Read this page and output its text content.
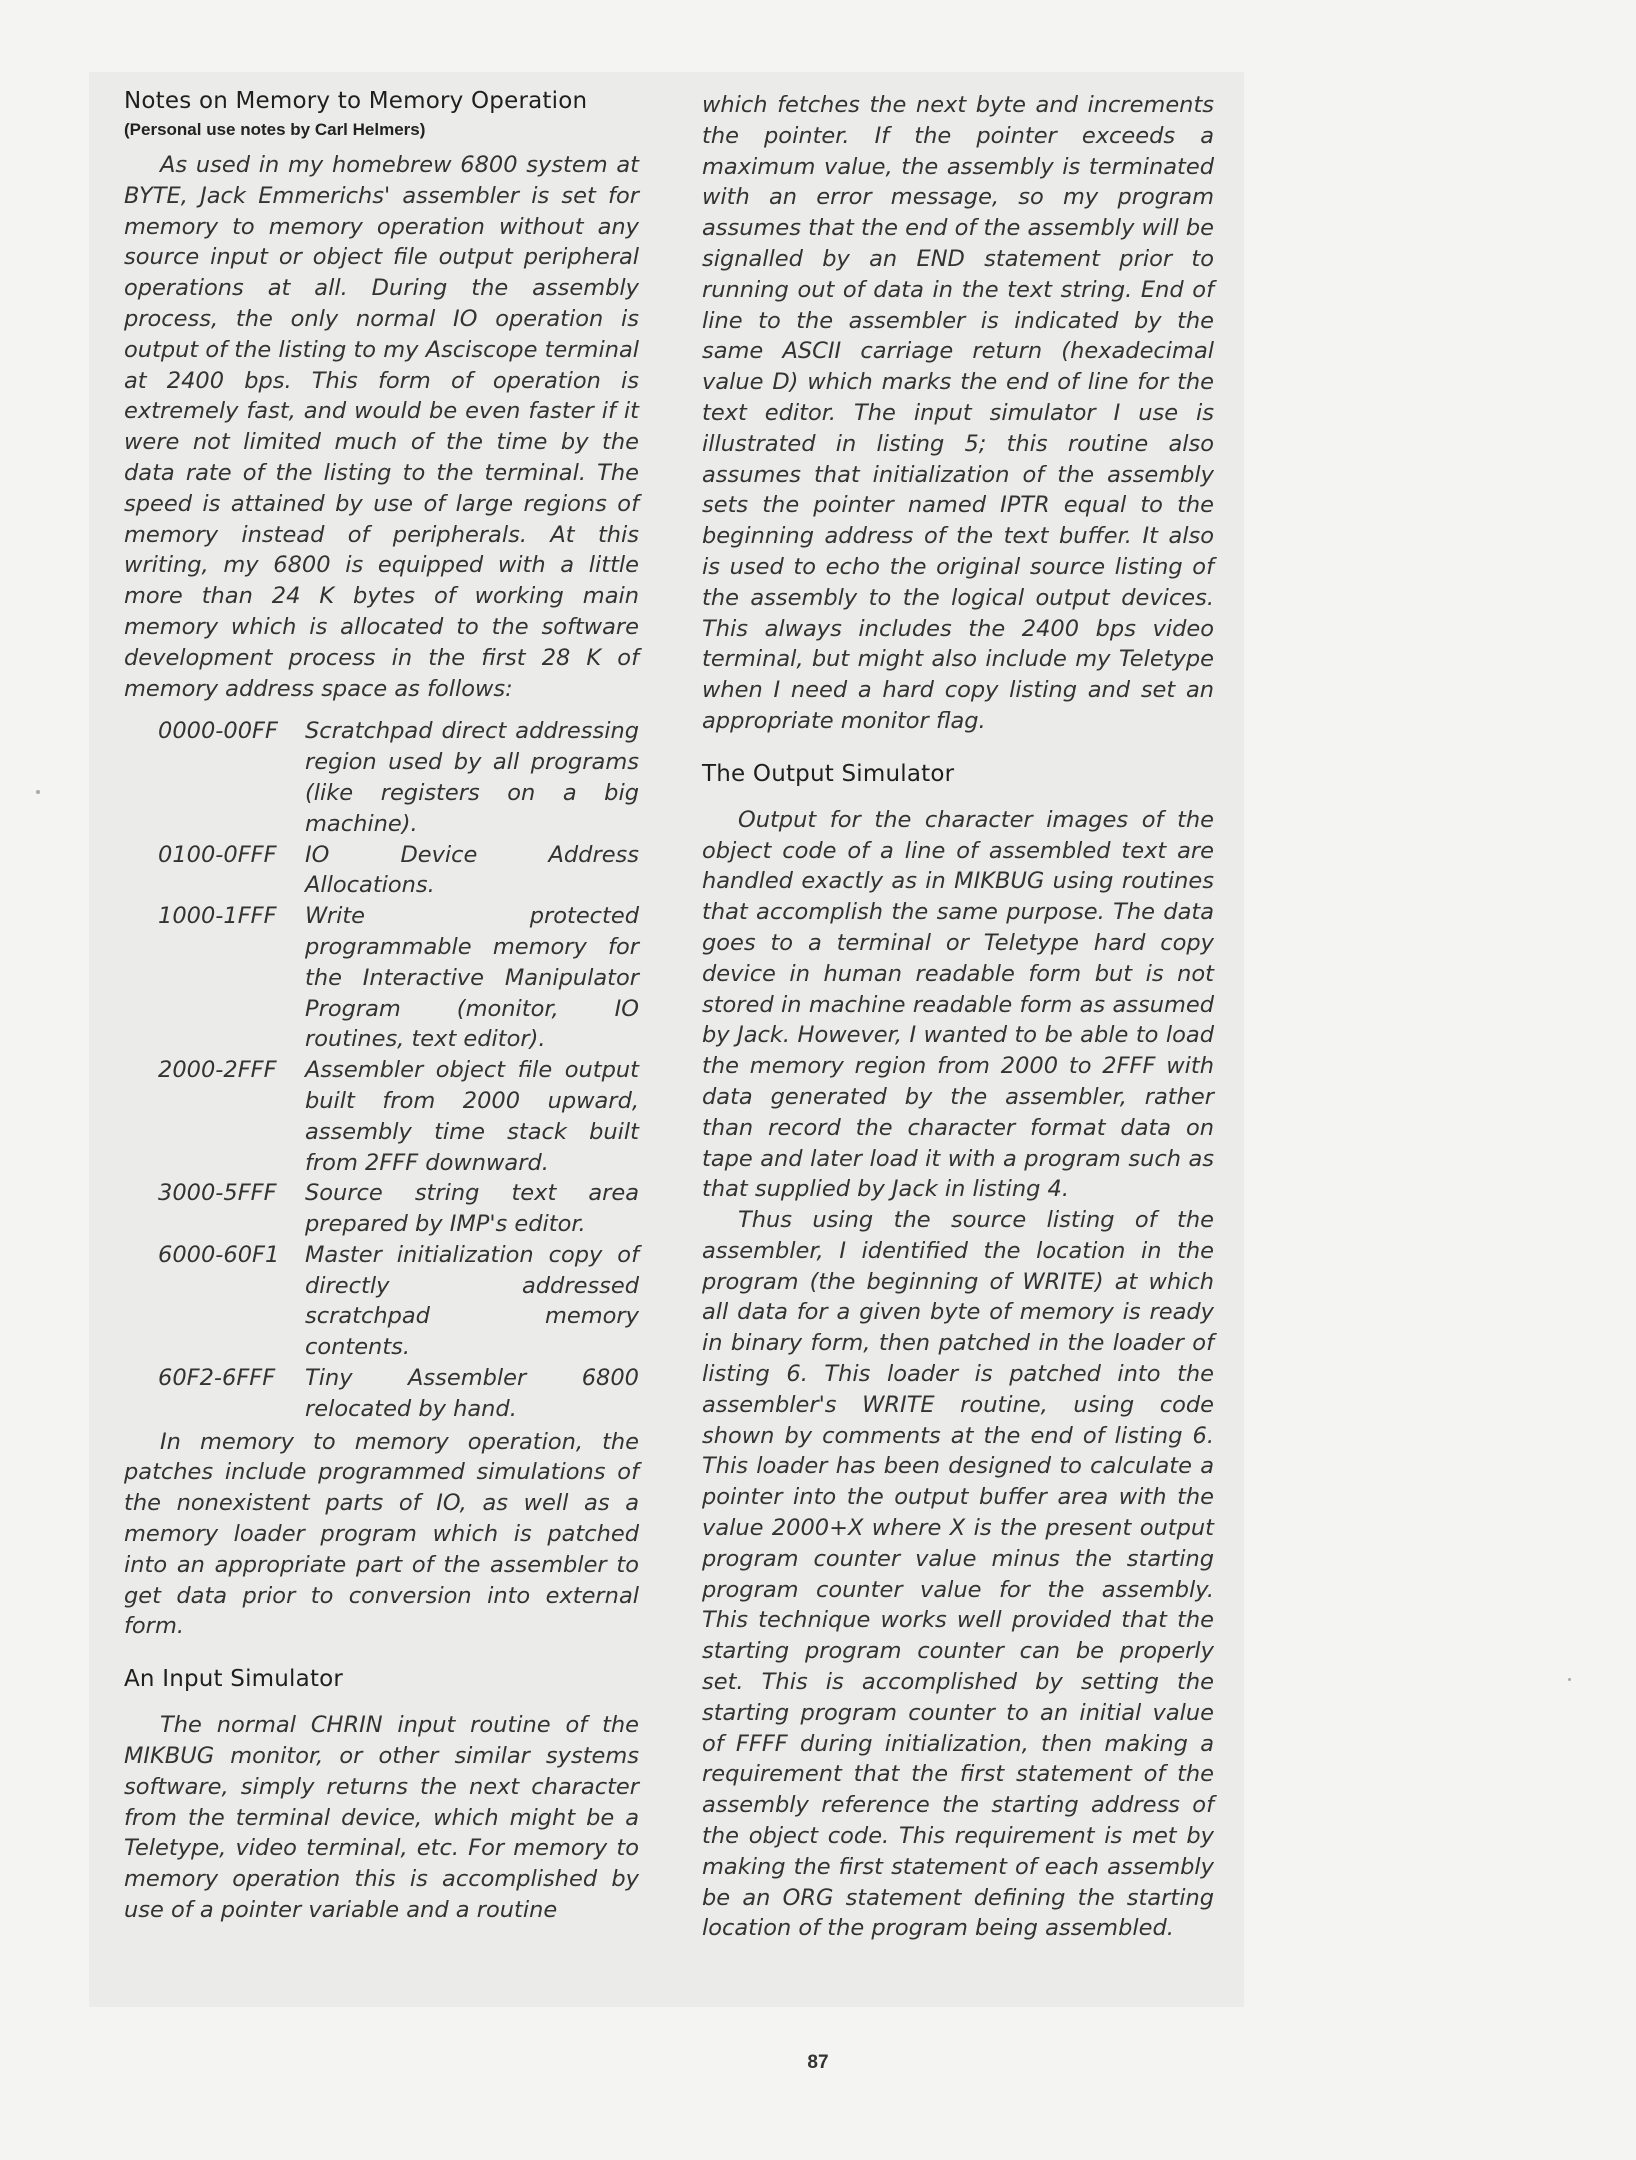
Notes on Memory to Memory Operation
(Personal use notes by Carl Helmers)

As used in my homebrew 6800 system at BYTE, Jack Emmerichs' assembler is set for memory to memory operation without any source input or object file output peripheral operations at all. During the assembly process, the only normal IO operation is output of the listing to my Asciscope terminal at 2400 bps. This form of operation is extremely fast, and would be even faster if it were not limited much of the time by the data rate of the listing to the terminal. The speed is attained by use of large regions of memory instead of peripherals. At this writing, my 6800 is equipped with a little more than 24 K bytes of working main memory which is allocated to the software development process in the first 28 K of memory address space as follows:

0000-00FF	Scratchpad direct addressing region used by all programs (like registers on a big machine).
0100-0FFF	IO Device Address Allocations.
1000-1FFF	Write protected programmable memory for the Interactive Manipulator Program (monitor, IO routines, text editor).
2000-2FFF	Assembler object file output built from 2000 upward, assembly time stack built from 2FFF downward.
3000-5FFF	Source string text area prepared by IMP's editor.
6000-60F1	Master initialization copy of directly addressed scratchpad memory contents.
60F2-6FFF	Tiny Assembler 6800 relocated by hand.

In memory to memory operation, the patches include programmed simulations of the nonexistent parts of IO, as well as a memory loader program which is patched into an appropriate part of the assembler to get data prior to conversion into external form.

An Input Simulator

The normal CHRIN input routine of the MIKBUG monitor, or other similar systems software, simply returns the next character from the terminal device, which might be a Teletype, video terminal, etc. For memory to memory operation this is accomplished by use of a pointer variable and a routine

which fetches the next byte and increments the pointer. If the pointer exceeds a maximum value, the assembly is terminated with an error message, so my program assumes that the end of the assembly will be signalled by an END statement prior to running out of data in the text string. End of line to the assembler is indicated by the same ASCII carriage return (hexadecimal value D) which marks the end of line for the text editor. The input simulator I use is illustrated in listing 5; this routine also assumes that initialization of the assembly sets the pointer named IPTR equal to the beginning address of the text buffer. It also is used to echo the original source listing of the assembly to the logical output devices. This always includes the 2400 bps video terminal, but might also include my Teletype when I need a hard copy listing and set an appropriate monitor flag.

The Output Simulator

Output for the character images of the object code of a line of assembled text are handled exactly as in MIKBUG using routines that accomplish the same purpose. The data goes to a terminal or Teletype hard copy device in human readable form but is not stored in machine readable form as assumed by Jack. However, I wanted to be able to load the memory region from 2000 to 2FFF with data generated by the assembler, rather than record the character format data on tape and later load it with a program such as that supplied by Jack in listing 4.

Thus using the source listing of the assembler, I identified the location in the program (the beginning of WRITE) at which all data for a given byte of memory is ready in binary form, then patched in the loader of listing 6. This loader is patched into the assembler's WRITE routine, using code shown by comments at the end of listing 6. This loader has been designed to calculate a pointer into the output buffer area with the value 2000+X where X is the present output program counter value minus the starting program counter value for the assembly. This technique works well provided that the starting program counter can be properly set. This is accomplished by setting the starting program counter to an initial value of FFFF during initialization, then making a requirement that the first statement of the assembly reference the starting address of the object code. This requirement is met by making the first statement of each assembly be an ORG statement defining the starting location of the program being assembled.

87
